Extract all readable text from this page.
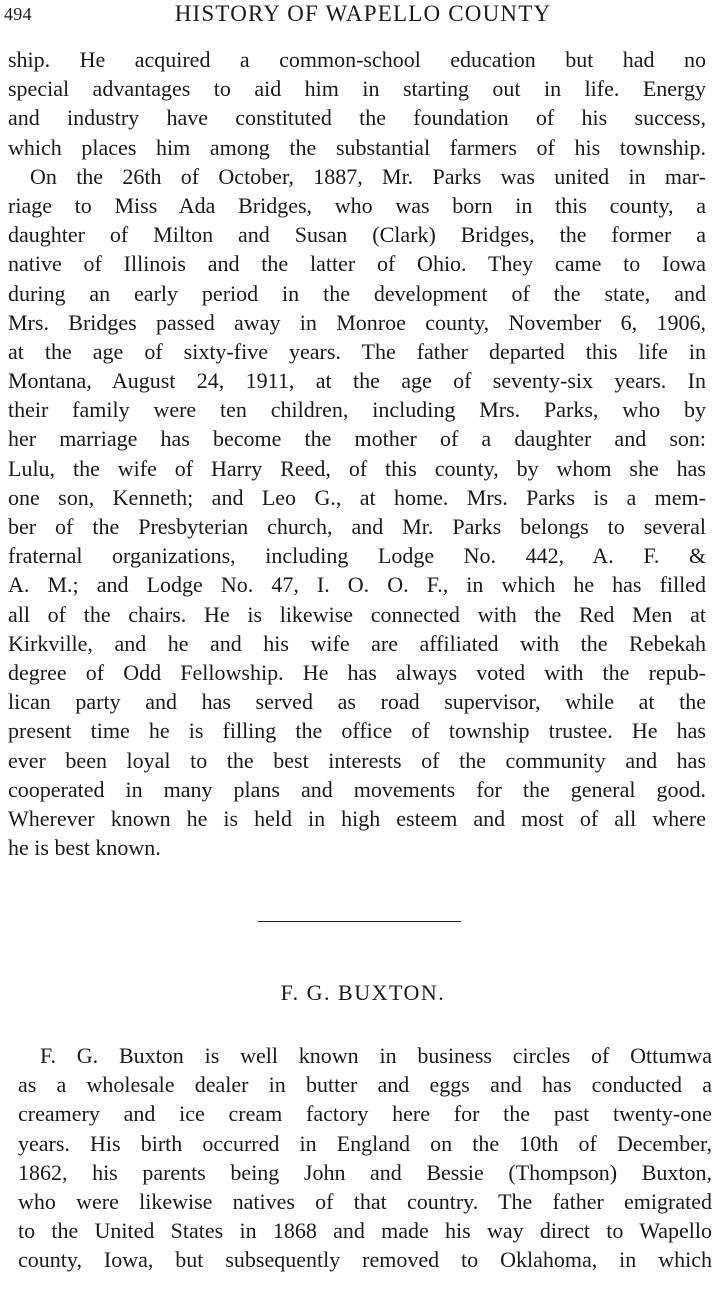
494	HISTORY OF WAPELLO COUNTY
ship. He acquired a common-school education but had no
special advantages to aid him in starting out in life. Energy
and industry have constituted the foundation of his success,
which places him among the substantial farmers of his township.
 On the 26th of October, 1887, Mr. Parks was united in mar-
riage to Miss Ada Bridges, who was born in this county, a
daughter of Milton and Susan (Clark) Bridges, the former a
native of Illinois and the latter of Ohio. They came to Iowa
during an early period in the development of the state, and
Mrs. Bridges passed away in Monroe county, November 6, 1906,
at the age of sixty-five years. The father departed this life in
Montana, August 24, 1911, at the age of seventy-six years. In
their family were ten children, including Mrs. Parks, who by
her marriage has become the mother of a daughter and son:
Lulu, the wife of Harry Reed, of this county, by whom she has
one son, Kenneth; and Leo G., at home. Mrs. Parks is a mem-
ber of the Presbyterian church, and Mr. Parks belongs to several
fraternal organizations, including Lodge No. 442, A. F. &
A. M.; and Lodge No. 47, I. O. O. F., in which he has filled
all of the chairs. He is likewise connected with the Red Men at
Kirkville, and he and his wife are affiliated with the Rebekah
degree of Odd Fellowship. He has always voted with the repub-
lican party and has served as road supervisor, while at the
present time he is filling the office of township trustee. He has
ever been loyal to the best interests of the community and has
cooperated in many plans and movements for the general good.
Wherever known he is held in high esteem and most of all where
he is best known.
F. G. BUXTON.
 F. G. Buxton is well known in business circles of Ottumwa
as a wholesale dealer in butter and eggs and has conducted a
creamery and ice cream factory here for the past twenty-one
years. His birth occurred in England on the 10th of December,
1862, his parents being John and Bessie (Thompson) Buxton,
who were likewise natives of that country. The father emigrated
to the United States in 1868 and made his way direct to Wapello
county, Iowa, but subsequently removed to Oklahoma, in which
